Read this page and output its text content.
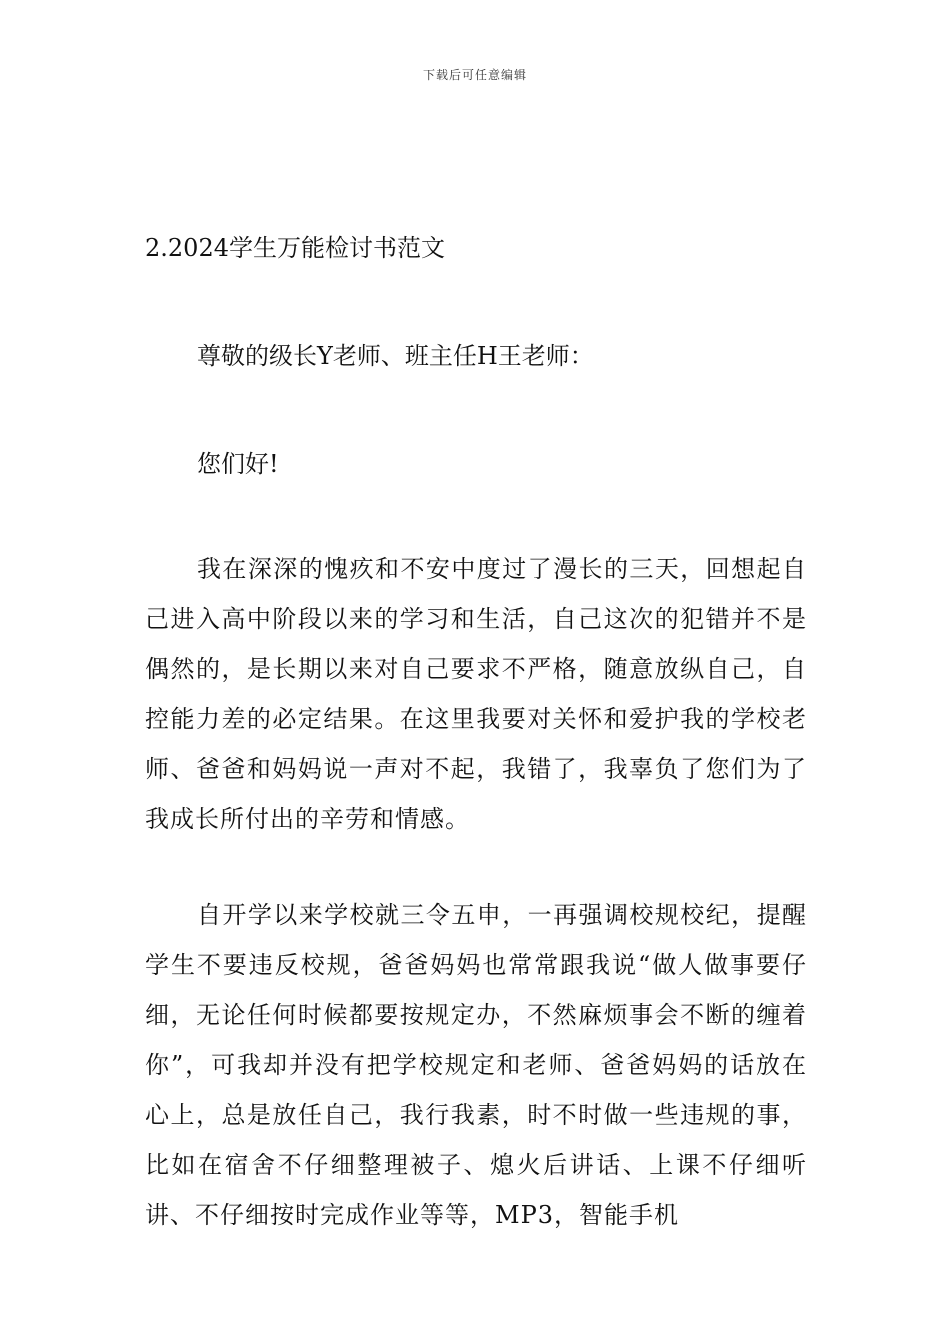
下载后可任意编辑
2.2024学生万能检讨书范文

尊敬的级长Y老师、班主任H王老师：

您们好!

我在深深的愧疚和不安中度过了漫长的三天，回想起自己进入高中阶段以来的学习和生活，自己这次的犯错并不是偶然的，是长期以来对自己要求不严格，随意放纵自己，自控能力差的必定结果。在这里我要对关怀和爱护我的学校老师、爸爸和妈妈说一声对不起，我错了，我辜负了您们为了我成长所付出的辛劳和情感。

自开学以来学校就三令五申，一再强调校规校纪，提醒学生不要违反校规，爸爸妈妈也常常跟我说“做人做事要仔细，无论任何时候都要按规定办，不然麻烦事会不断的缠着你”，可我却并没有把学校规定和老师、爸爸妈妈的话放在心上，总是放任自己，我行我素，时不时做一些违规的事，比如在宿舍不仔细整理被子、熄火后讲话、上课不仔细听讲、不仔细按时完成作业等等，MP3，智能手机
